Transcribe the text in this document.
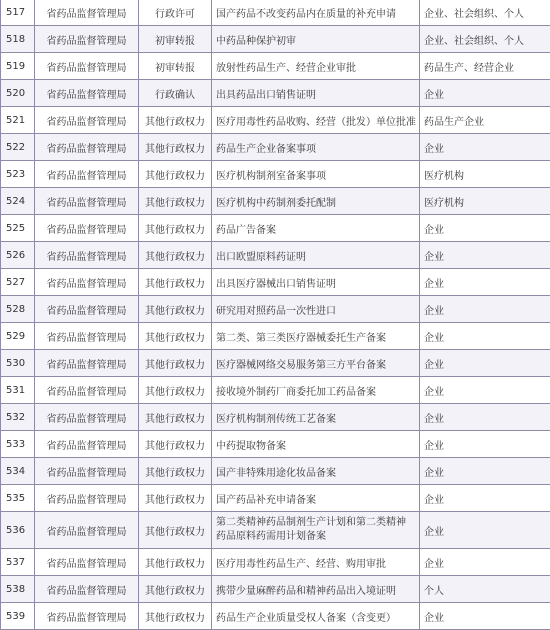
517	省药品监督管理局	行政许可	国产药品不改变药品内在质量的补充申请	企业、社会组织、个人
518	省药品监督管理局	初审转报	中药品种保护初审	企业、社会组织、个人
519	省药品监督管理局	初审转报	放射性药品生产、经营企业审批	药品生产、经营企业
520	省药品监督管理局	行政确认	出具药品出口销售证明	企业
521	省药品监督管理局	其他行政权力	医疗用毒性药品收购、经营（批发）单位批准	药品生产企业
522	省药品监督管理局	其他行政权力	药品生产企业备案事项	企业
523	省药品监督管理局	其他行政权力	医疗机构制剂室备案事项	医疗机构
524	省药品监督管理局	其他行政权力	医疗机构中药制剂委托配制	医疗机构
525	省药品监督管理局	其他行政权力	药品广告备案	企业
526	省药品监督管理局	其他行政权力	出口欧盟原料药证明	企业
527	省药品监督管理局	其他行政权力	出具医疗器械出口销售证明	企业
528	省药品监督管理局	其他行政权力	研究用对照药品一次性进口	企业
529	省药品监督管理局	其他行政权力	第二类、第三类医疗器械委托生产备案	企业
530	省药品监督管理局	其他行政权力	医疗器械网络交易服务第三方平台备案	企业
531	省药品监督管理局	其他行政权力	接收境外制药厂商委托加工药品备案	企业
532	省药品监督管理局	其他行政权力	医疗机构制剂传统工艺备案	企业
533	省药品监督管理局	其他行政权力	中药提取物备案	企业
534	省药品监督管理局	其他行政权力	国产非特殊用途化妆品备案	企业
535	省药品监督管理局	其他行政权力	国产药品补充申请备案	企业
536	省药品监督管理局	其他行政权力	第二类精神药品制剂生产计划和第二类精神药品原料药需用计划备案	企业
537	省药品监督管理局	其他行政权力	医疗用毒性药品生产、经营、购用审批	企业
538	省药品监督管理局	其他行政权力	携带少量麻醉药品和精神药品出入境证明	个人
539	省药品监督管理局	其他行政权力	药品生产企业质量受权人备案（含变更）	企业
